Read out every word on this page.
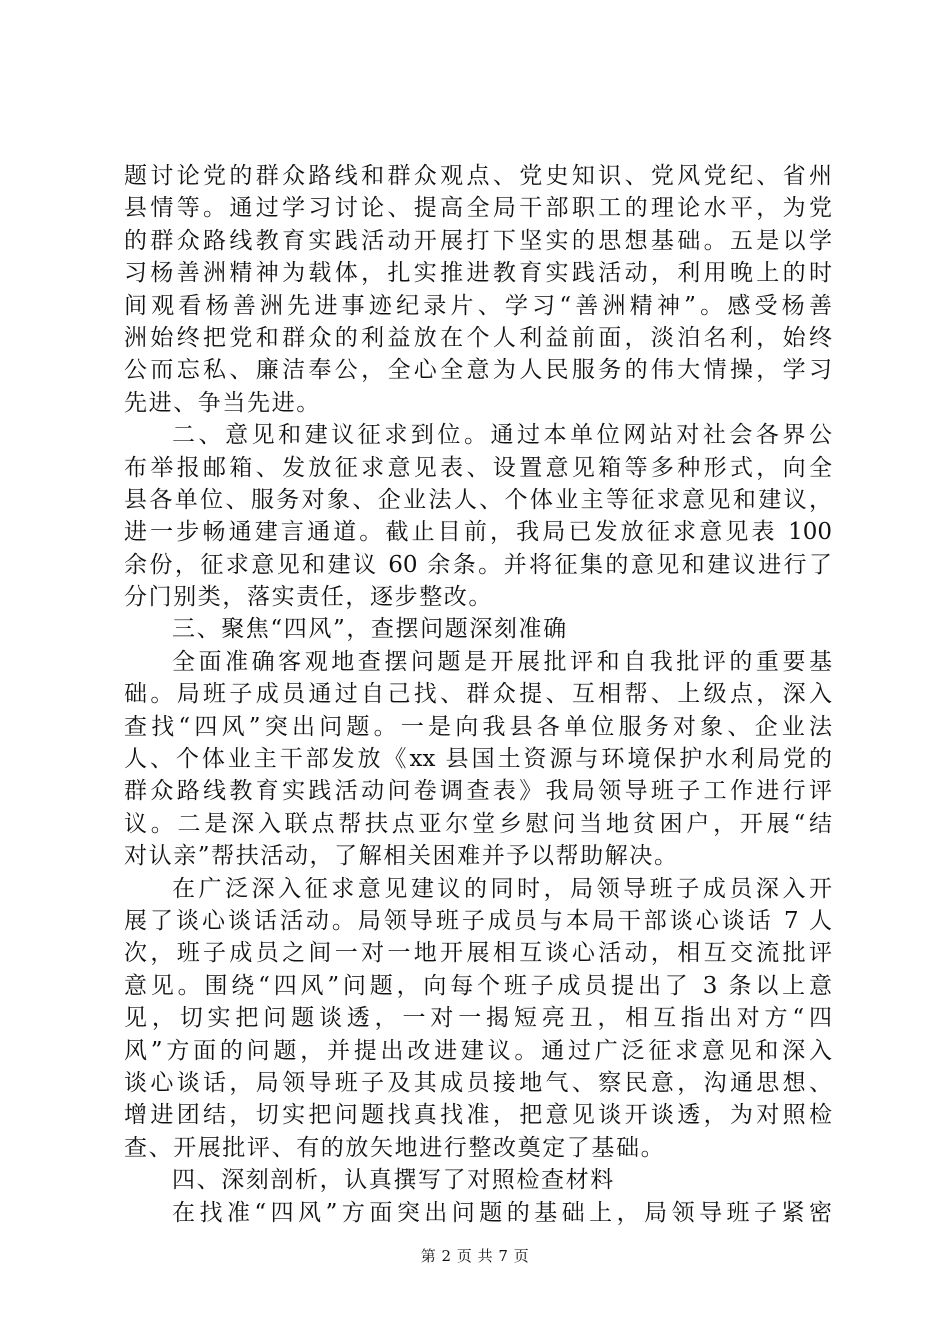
题讨论党的群众路线和群众观点、党史知识、党风党纪、省州
县情等。通过学习讨论、提高全局干部职工的理论水平，为党
的群众路线教育实践活动开展打下坚实的思想基础。五是以学
习杨善洲精神为载体，扎实推进教育实践活动，利用晚上的时
间观看杨善洲先进事迹纪录片、学习“善洲精神”。感受杨善
洲始终把党和群众的利益放在个人利益前面，淡泊名利，始终
公而忘私、廉洁奉公，全心全意为人民服务的伟大情操，学习
先进、争当先进。
二、意见和建议征求到位。通过本单位网站对社会各界公
布举报邮箱、发放征求意见表、设置意见箱等多种形式，向全
县各单位、服务对象、企业法人、个体业主等征求意见和建议，
进一步畅通建言通道。截止目前，我局已发放征求意见表 100
余份，征求意见和建议 60 余条。并将征集的意见和建议进行了
分门别类，落实责任，逐步整改。
三、聚焦“四风”，查摆问题深刻准确
全面准确客观地查摆问题是开展批评和自我批评的重要基
础。局班子成员通过自己找、群众提、互相帮、上级点，深入
查找“四风”突出问题。一是向我县各单位服务对象、企业法
人、个体业主干部发放《xx 县国土资源与环境保护水利局党的
群众路线教育实践活动问卷调查表》我局领导班子工作进行评
议。二是深入联点帮扶点亚尔堂乡慰问当地贫困户，开展“结
对认亲”帮扶活动，了解相关困难并予以帮助解决。
在广泛深入征求意见建议的同时，局领导班子成员深入开
展了谈心谈话活动。局领导班子成员与本局干部谈心谈话 7 人
次，班子成员之间一对一地开展相互谈心活动，相互交流批评
意见。围绕“四风”问题，向每个班子成员提出了 3 条以上意
见，切实把问题谈透，一对一揭短亮丑，相互指出对方“四
风”方面的问题，并提出改进建议。通过广泛征求意见和深入
谈心谈话，局领导班子及其成员接地气、察民意，沟通思想、
增进团结，切实把问题找真找准，把意见谈开谈透，为对照检
查、开展批评、有的放矢地进行整改奠定了基础。
四、深刻剖析，认真撰写了对照检查材料
在找准“四风”方面突出问题的基础上，局领导班子紧密
第 2 页 共 7 页
